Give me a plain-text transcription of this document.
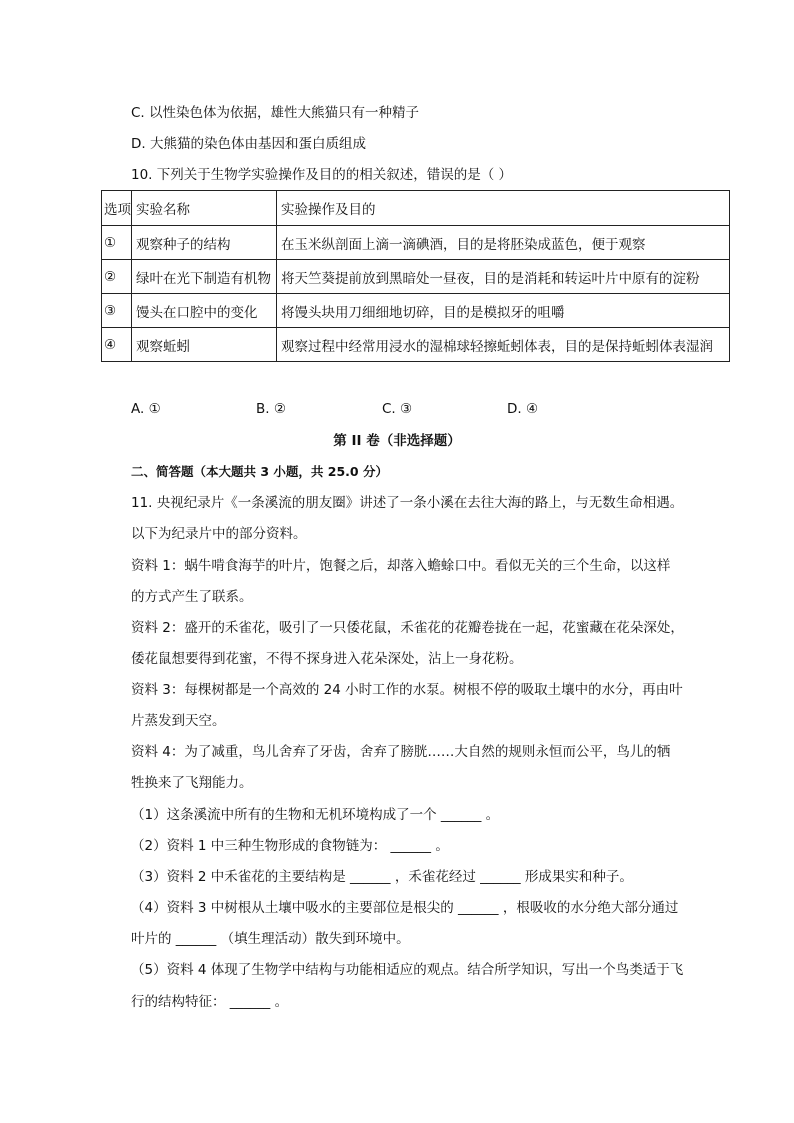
C. 以性染色体为依据，雄性大熊猫只有一种精子
D. 大熊猫的染色体由基因和蛋白质组成
10. 下列关于生物学实验操作及目的的相关叙述，错误的是（ ）
选项	实验名称	实验操作及目的
①	观察种子的结构	在玉米纵剖面上滴一滴碘酒，目的是将胚染成蓝色，便于观察
②	绿叶在光下制造有机物	将天竺葵提前放到黑暗处一昼夜，目的是消耗和转运叶片中原有的淀粉
③	馒头在口腔中的变化	将馒头块用刀细细地切碎，目的是模拟牙的咀嚼
④	观察蚯蚓	观察过程中经常用浸水的湿棉球轻擦蚯蚓体表，目的是保持蚯蚓体表湿润
A. ①	B. ②	C. ③	D. ④
第 II 卷（非选择题）
二、简答题（本大题共 3 小题，共 25.0 分）
11. 央视纪录片《一条溪流的朋友圈》讲述了一条小溪在去往大海的路上，与无数生命相遇。
以下为纪录片中的部分资料。
资料 1：蜗牛啃食海芋的叶片，饱餐之后，却落入蟾蜍口中。看似无关的三个生命，以这样
的方式产生了联系。
资料 2：盛开的禾雀花，吸引了一只倭花鼠，禾雀花的花瓣卷拢在一起，花蜜藏在花朵深处，
倭花鼠想要得到花蜜，不得不探身进入花朵深处，沾上一身花粉。
资料 3：每棵树都是一个高效的 24 小时工作的水泵。树根不停的吸取土壤中的水分，再由叶
片蒸发到天空。
资料 4：为了减重，鸟儿舍弃了牙齿，舍弃了膀胱……大自然的规则永恒而公平，鸟儿的牺
牲换来了飞翔能力。
（1）这条溪流中所有的生物和无机环境构成了一个 ______ 。
（2）资料 1 中三种生物形成的食物链为： ______ 。
（3）资料 2 中禾雀花的主要结构是 ______ ，禾雀花经过 ______ 形成果实和种子。
（4）资料 3 中树根从土壤中吸水的主要部位是根尖的 ______ ，根吸收的水分绝大部分通过
叶片的 ______ （填生理活动）散失到环境中。
（5）资料 4 体现了生物学中结构与功能相适应的观点。结合所学知识，写出一个鸟类适于飞
行的结构特征： ______ 。
